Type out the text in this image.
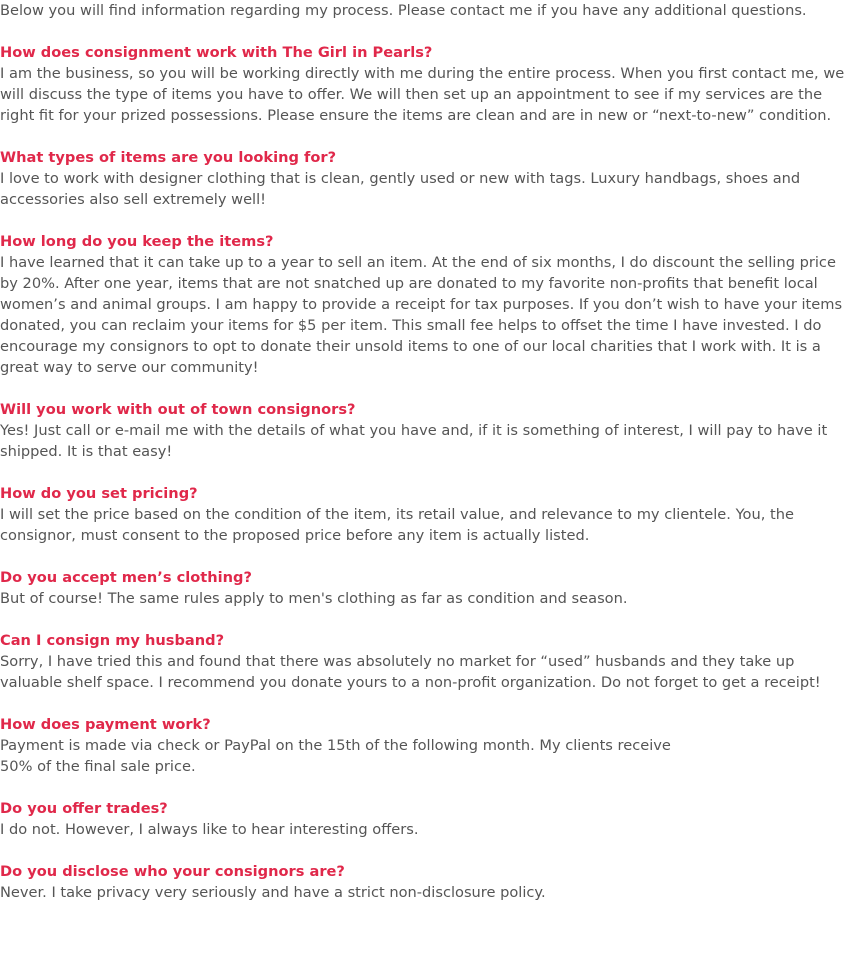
Below you will find information regarding my process. Please contact me if you have any additional questions.

How does consignment work with The Girl in Pearls?
I am the business, so you will be working directly with me during the entire process. When you first contact me, we will discuss the type of items you have to offer. We will then set up an appointment to see if my services are the right fit for your prized possessions. Please ensure the items are clean and are in new or “next-to-new” condition.
What types of items are you looking for?
I love to work with designer clothing that is clean, gently used or new with tags. Luxury handbags, shoes and accessories also sell extremely well!
How long do you keep the items?
I have learned that it can take up to a year to sell an item. At the end of six months, I do discount the selling price by 20%. After one year, items that are not snatched up are donated to my favorite non-profits that benefit local women’s and animal groups. I am happy to provide a receipt for tax purposes. If you don’t wish to have your items donated, you can reclaim your items for $5 per item. This small fee helps to offset the time I have invested. I do encourage my consignors to opt to donate their unsold items to one of our local charities that I work with. It is a great way to serve our community!
Will you work with out of town consignors?
Yes! Just call or e-mail me with the details of what you have and, if it is something of interest, I will pay to have it shipped. It is that easy!
How do you set pricing?
I will set the price based on the condition of the item, its retail value, and relevance to my clientele. You, the consignor, must consent to the proposed price before any item is actually listed.
Do you accept men’s clothing?
But of course! The same rules apply to men's clothing as far as condition and season.
Can I consign my husband?
Sorry, I have tried this and found that there was absolutely no market for “used” husbands and they take up valuable shelf space. I recommend you donate yours to a non-profit organization. Do not forget to get a receipt!
How does payment work?
Payment is made via check or PayPal on the 15th of the following month. My clients receive
50% of the final sale price.
Do you offer trades?
I do not. However, I always like to hear interesting offers.
Do you disclose who your consignors are?
Never. I take privacy very seriously and have a strict non-disclosure policy.
